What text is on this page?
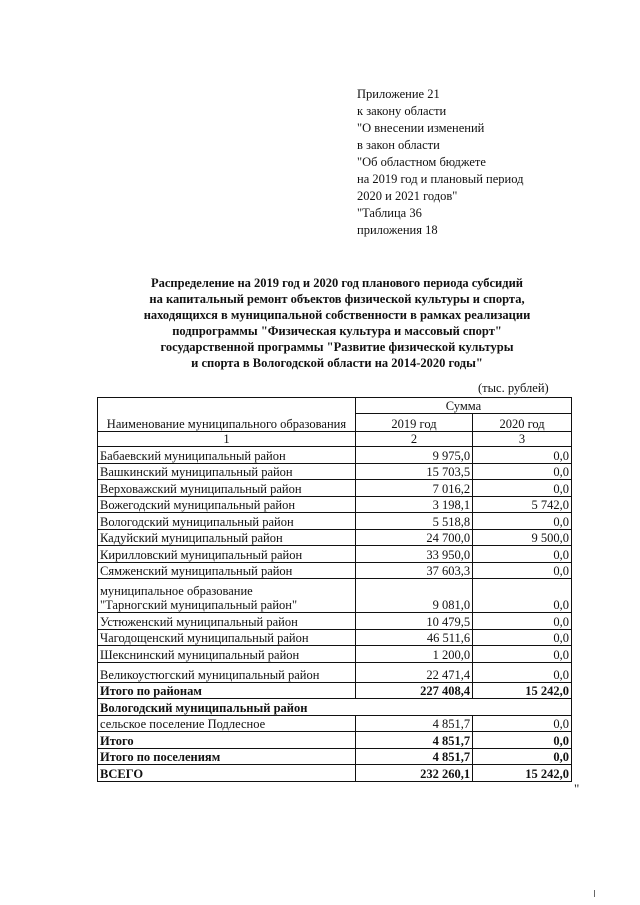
Приложение 21
к закону области
"О внесении изменений
в закон области
"Об областном бюджете
на 2019 год и плановый период
2020 и 2021 годов"
"Таблица 36
приложения 18
Распределение на 2019 год и 2020 год планового периода субсидий
на капитальный ремонт объектов физической культуры и спорта,
находящихся в муниципальной собственности в рамках реализации
подпрограммы "Физическая культура и массовый спорт"
государственной программы "Развитие физической культуры
и спорта в Вологодской области на 2014-2020 годы"
(тыс. рублей)
Наименование муниципального образования	Сумма	
	2019 год	2020 год
1	2	3
Бабаевский муниципальный район	9 975,0	0,0
Вашкинский муниципальный район	15 703,5	0,0
Верховажский муниципальный район	7 016,2	0,0
Вожегодский муниципальный район	3 198,1	5 742,0
Вологодский муниципальный район	5 518,8	0,0
Кадуйский муниципальный район	24 700,0	9 500,0
Кирилловский муниципальный район	33 950,0	0,0
Сямженский муниципальный район	37 603,3	0,0

муниципальное образование
"Тарногский муниципальный район"	9 081,0	0,0
Устюженский муниципальный район	10 479,5	0,0
Чагодощенский муниципальный район	46 511,6	0,0
Шекснинский муниципальный район	1 200,0	0,0
Великоустюгский муниципальный район	22 471,4	0,0
Итого по районам	227 408,4	15 242,0
Вологодский муниципальный район		
сельское поселение Подлесное	4 851,7	0,0
Итого	4 851,7	0,0
Итого по поселениям	4 851,7	0,0
ВСЕГО	232 260,1	15 242,0
"
